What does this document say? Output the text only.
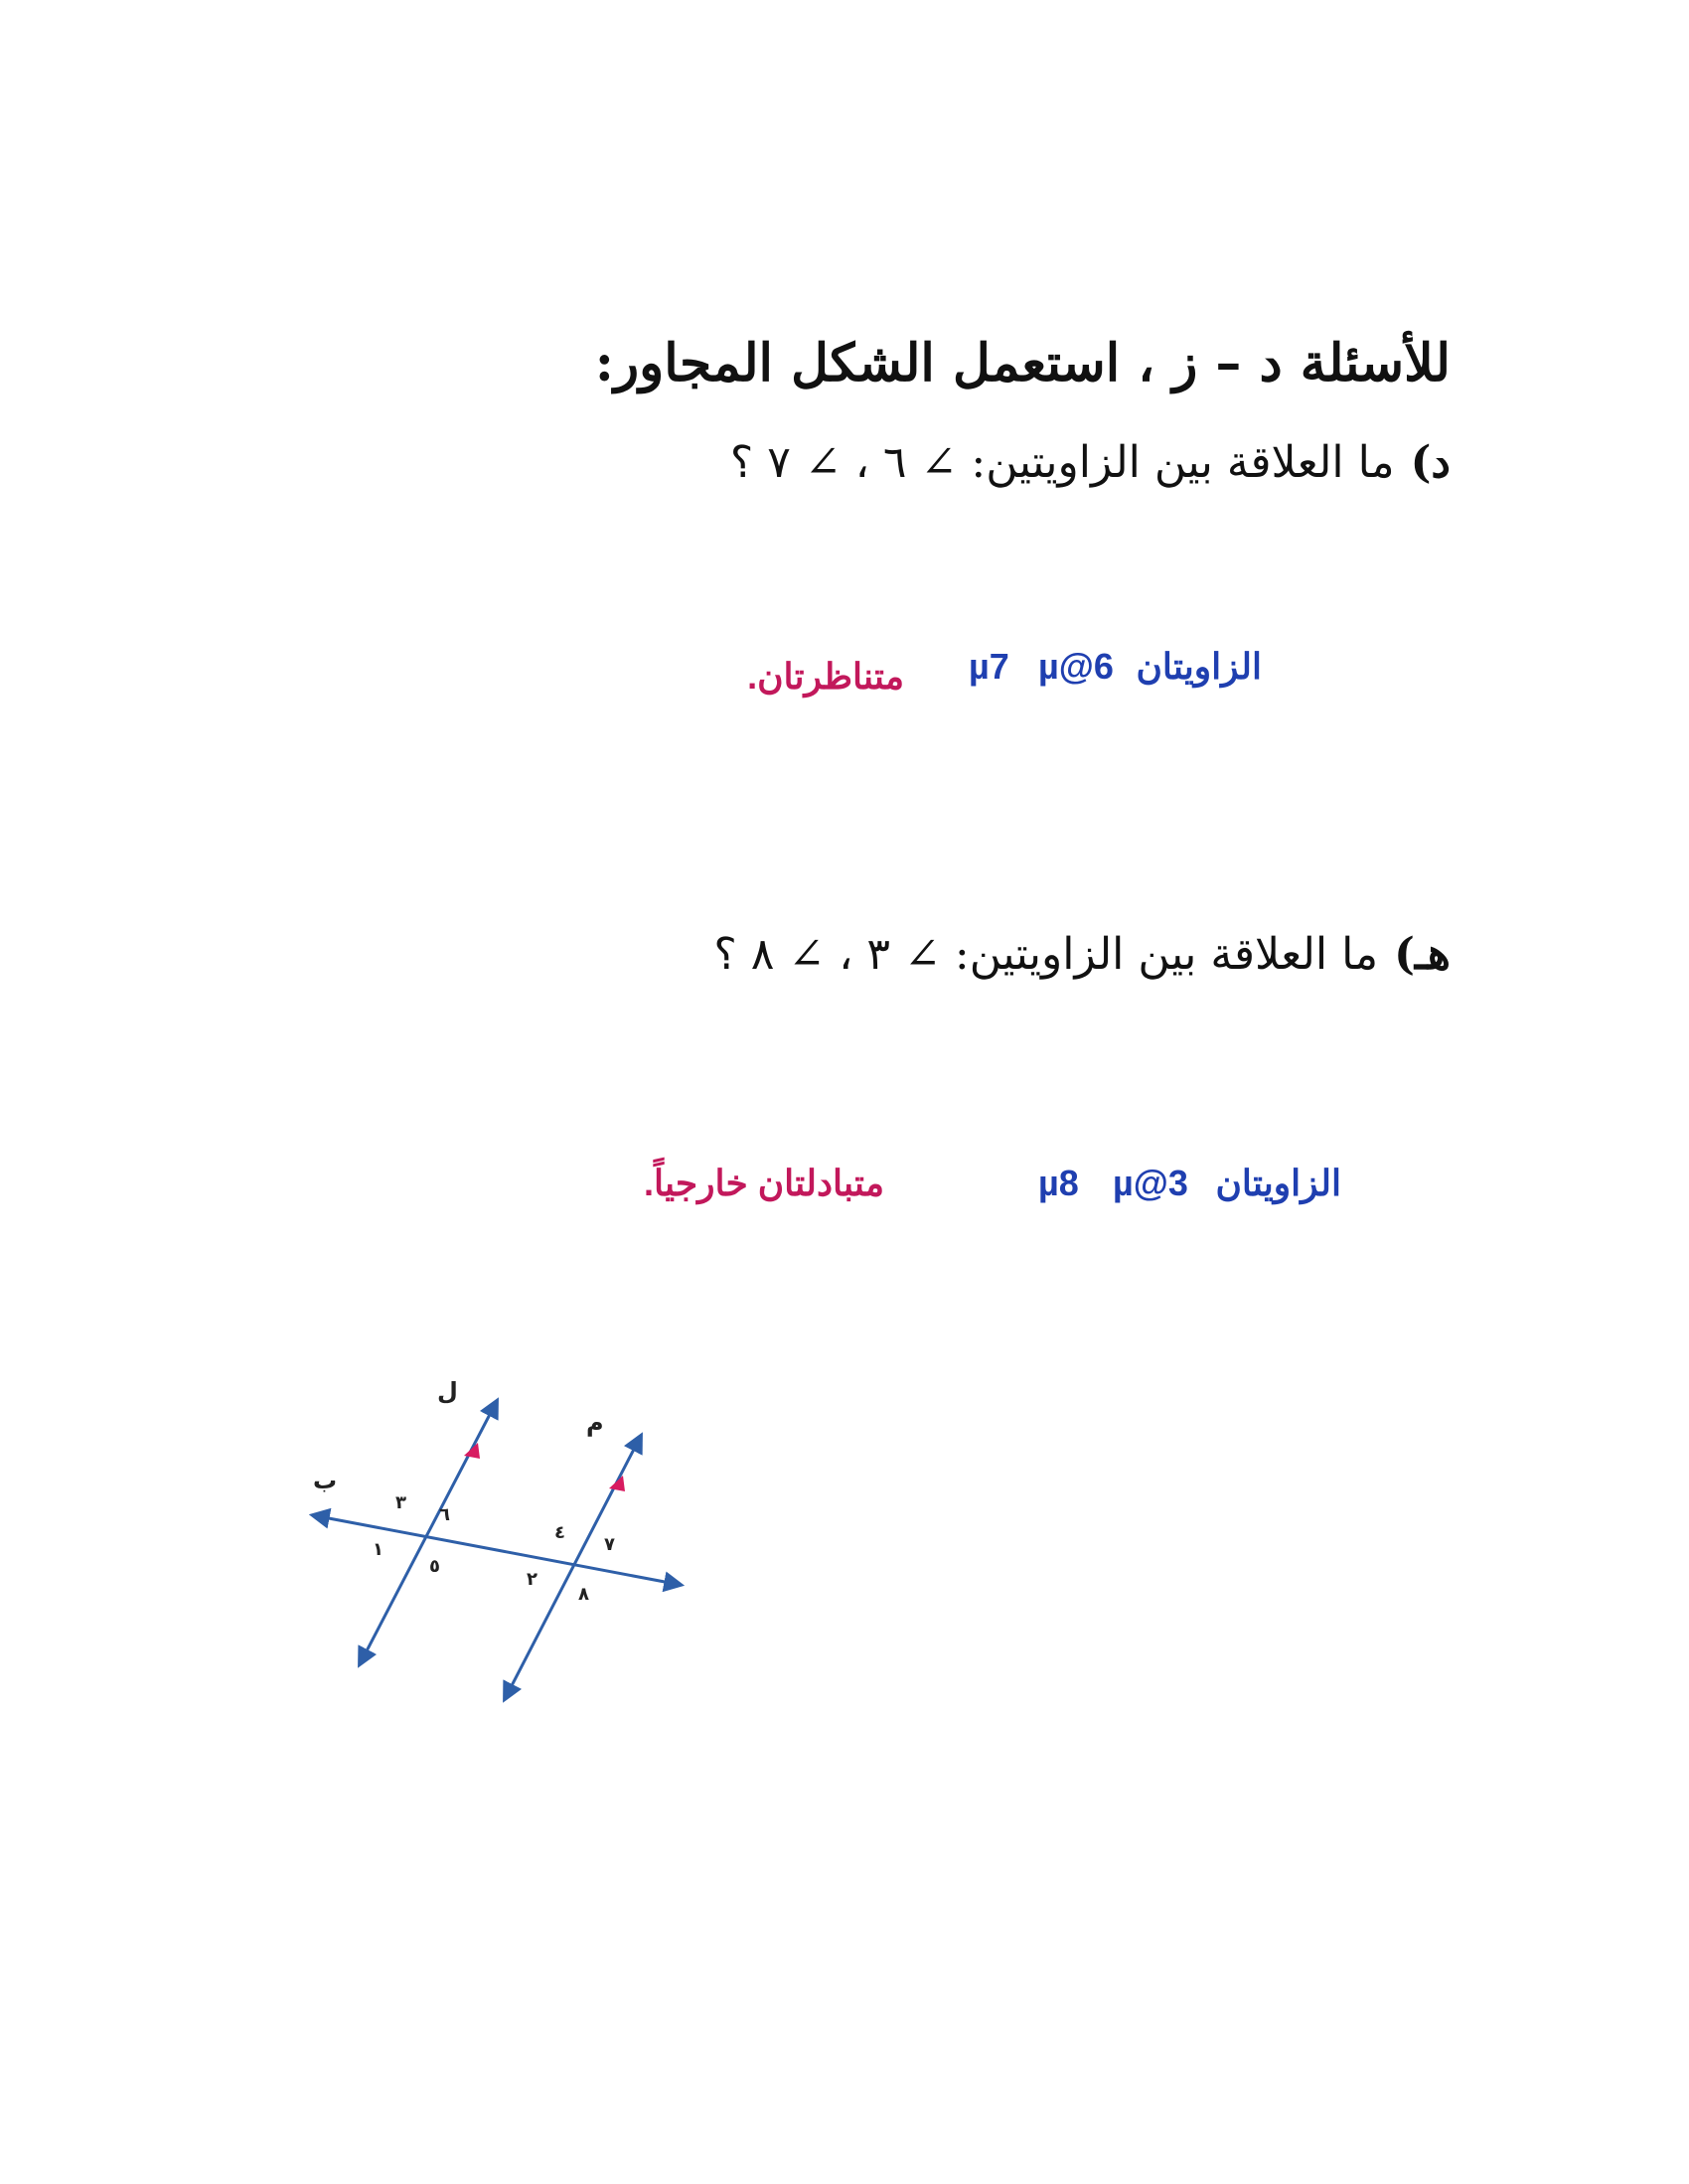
للأسئلة د – ز ، استعمل الشكل المجاور:
د)ما العلاقة بين الزاويتين: ∠ ٦ ، ∠ ٧ ؟
الزاويتان
µ@6
µ7
متناظرتان.
هـ)ما العلاقة بين الزاويتين: ∠ ٣ ، ∠ ٨ ؟
الزاويتان
µ@3
µ8
متبادلتان خارجياً.
ل
م
ب
٣
٦
١
٥
٤
٧
٢
٨
